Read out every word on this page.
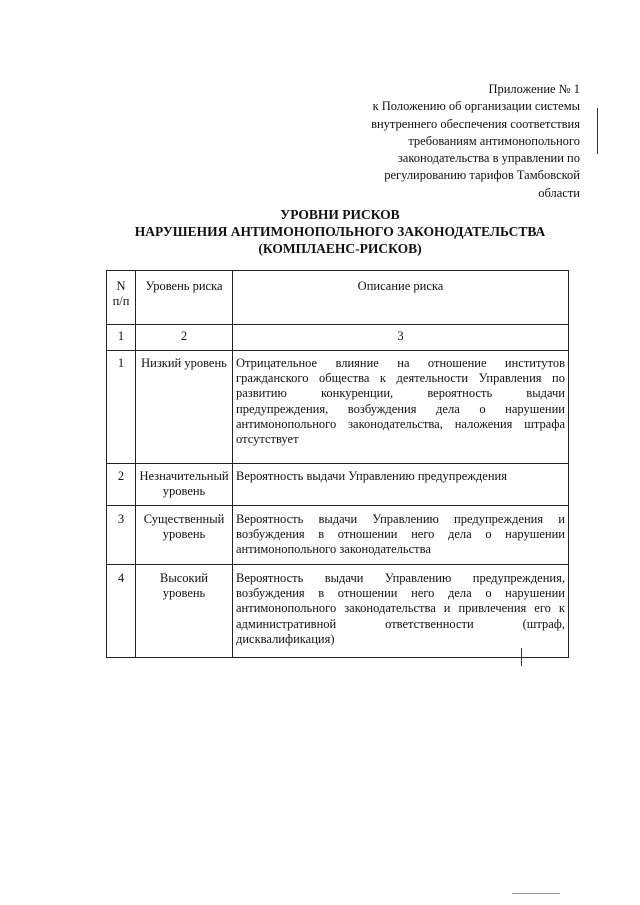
Приложение № 1
к Положению об организации системы
внутреннего обеспечения соответствия
требованиям антимонопольного
законодательства в управлении по
регулированию тарифов Тамбовской
области
УРОВНИ РИСКОВ
НАРУШЕНИЯ АНТИМОНОПОЛЬНОГО ЗАКОНОДАТЕЛЬСТВА
(КОМПЛАЕНС-РИСКОВ)
N п/п	Уровень риска	Описание риска
1	2	3
1	Низкий уровень	Отрицательное влияние на отношение институтов гражданского общества к деятельности Управления по развитию конкуренции, вероятность выдачи предупреждения, возбуждения дела о нарушении антимонопольного законодательства, наложения штрафа отсутствует
2	Незначительный уровень	Вероятность выдачи Управлению предупреждения
3	Существенный уровень	Вероятность выдачи Управлению предупреждения и возбуждения в отношении него дела о нарушении антимонопольного законодательства
4	Высокий уровень	Вероятность выдачи Управлению предупреждения, возбуждения в отношении него дела о нарушении антимонопольного законодательства и привлечения его к административной ответственности (штраф, дисквалификация)
